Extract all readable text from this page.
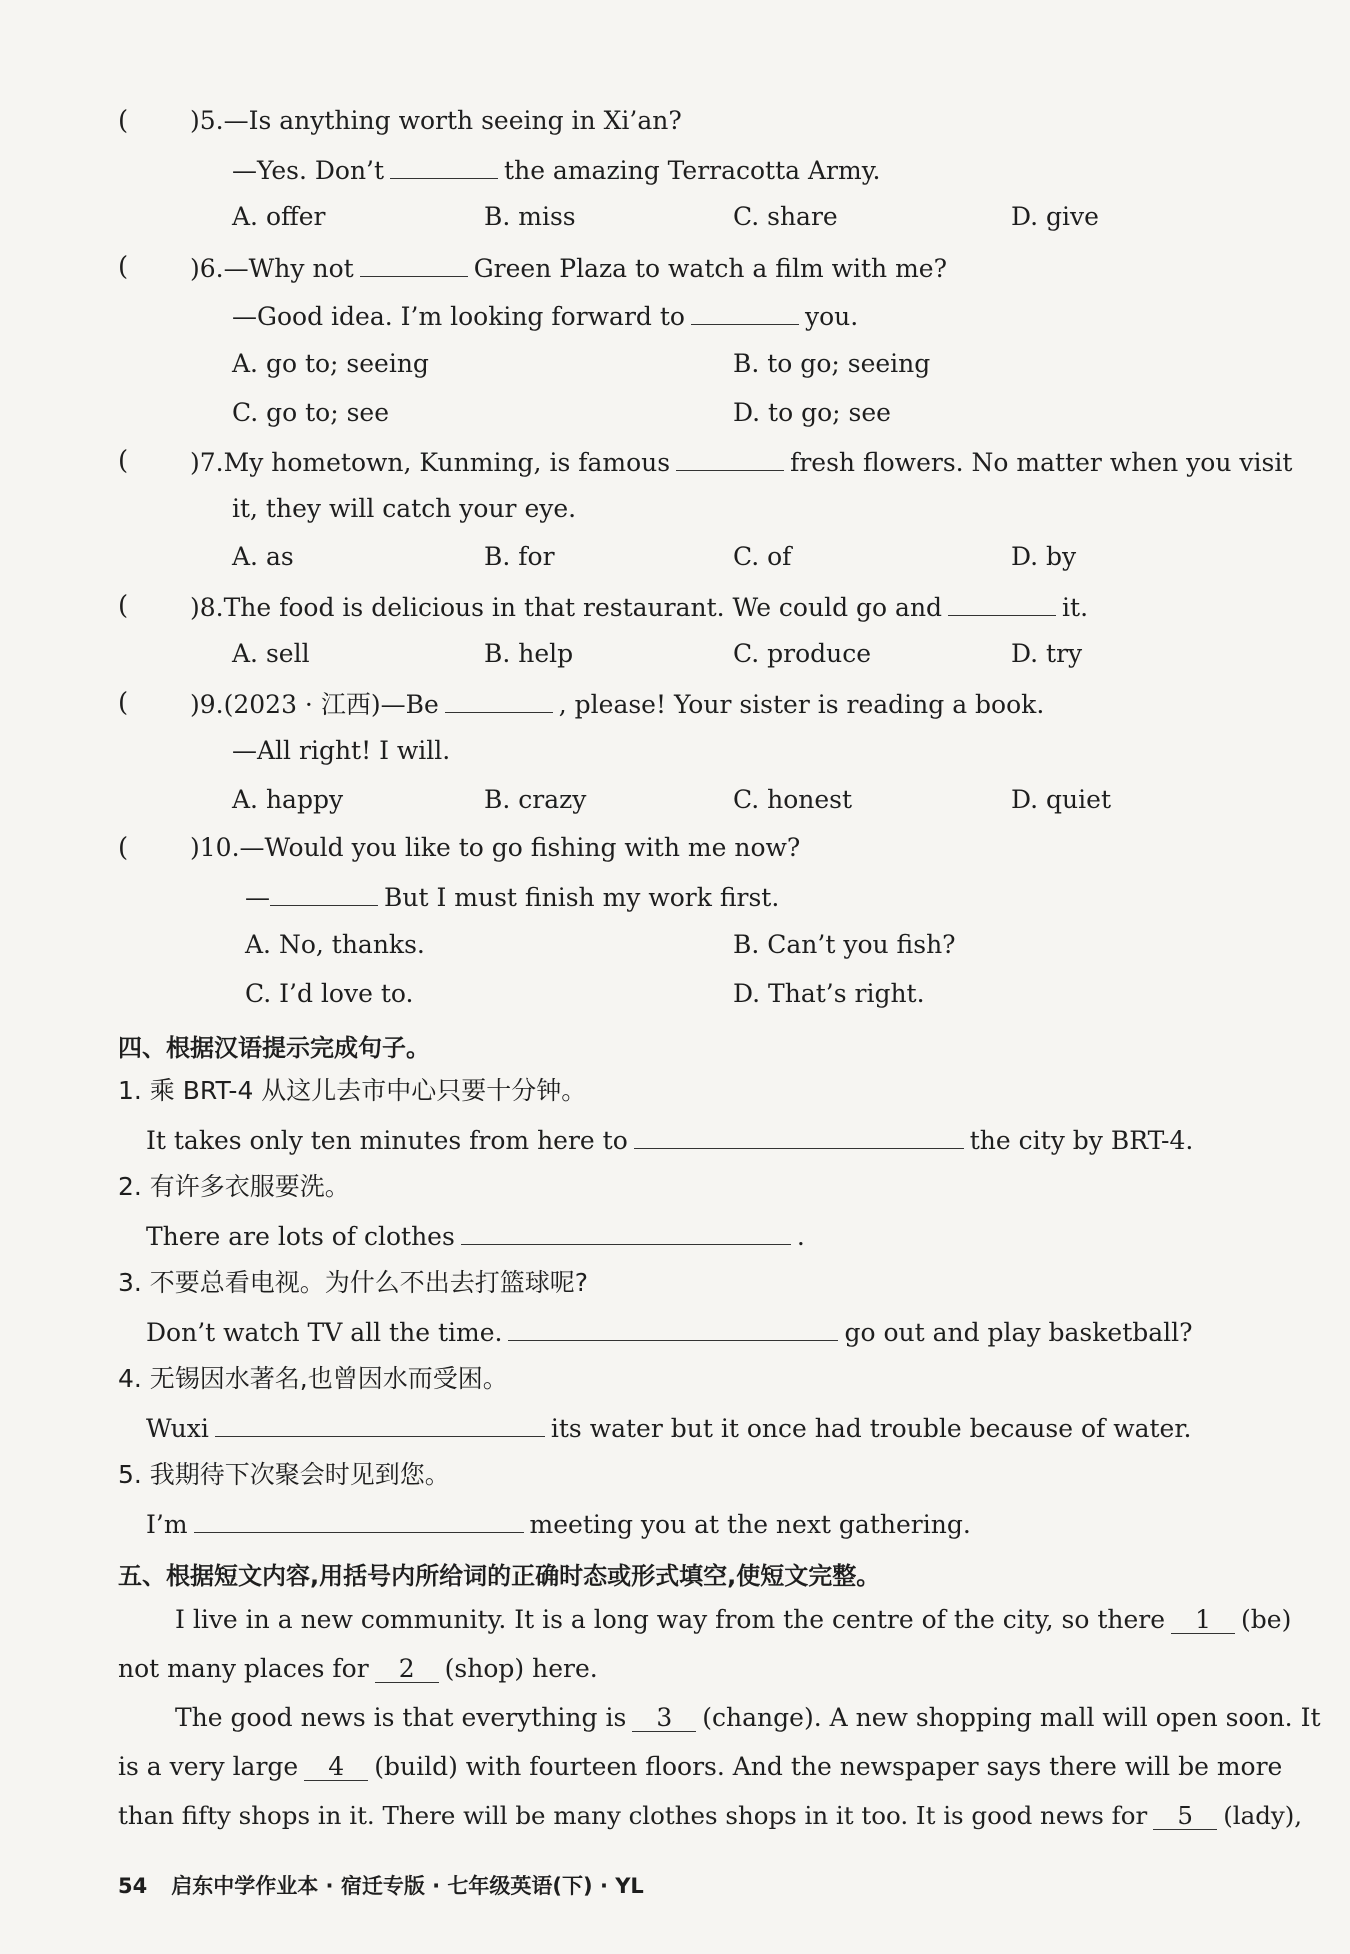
( )5.—Is anything worth seeing in Xi’an?
—Yes. Don’t	the amazing Terracotta Army.
A. offer	B. miss	C. share	D. give
( )6.—Why not	Green Plaza to watch a film with me?
—Good idea. I’m looking forward to	you.
A. go to; seeing	B. to go; seeing
C. go to; see	D. to go; see
( )7.My hometown, Kunming, is famous	fresh flowers. No matter when you visit
it, they will catch your eye.
A. as	B. for	C. of	D. by
( )8.The food is delicious in that restaurant. We could go and	it.
A. sell	B. help	C. produce	D. try
( )9.(2023 · 江西)—Be	, please! Your sister is reading a book.
—All right! I will.
A. happy	B. crazy	C. honest	D. quiet
( )10.—Would you like to go fishing with me now?
—	But I must finish my work first.
A. No, thanks.	B. Can’t you fish?
C. I’d love to.	D. That’s right.
四、根据汉语提示完成句子。
1. 乘 BRT-4 从这儿去市中心只要十分钟。
It takes only ten minutes from here to	the city by BRT-4.
2. 有许多衣服要洗。
There are lots of clothes	.
3. 不要总看电视。为什么不出去打篮球呢?
Don’t watch TV all the time.	go out and play basketball?
4. 无锡因水著名,也曾因水而受困。
Wuxi	its water but it once had trouble because of water.
5. 我期待下次聚会时见到您。
I’m	meeting you at the next gathering.
五、根据短文内容,用括号内所给词的正确时态或形式填空,使短文完整。
I live in a new community. It is a long way from the centre of the city, so there 1 (be)
not many places for 2 (shop) here.
The good news is that everything is 3 (change). A new shopping mall will open soon. It
is a very large 4 (build) with fourteen floors. And the newspaper says there will be more
than fifty shops in it. There will be many clothes shops in it too. It is good news for 5 (lady),
54 启东中学作业本 · 宿迁专版 · 七年级英语(下) · YL
